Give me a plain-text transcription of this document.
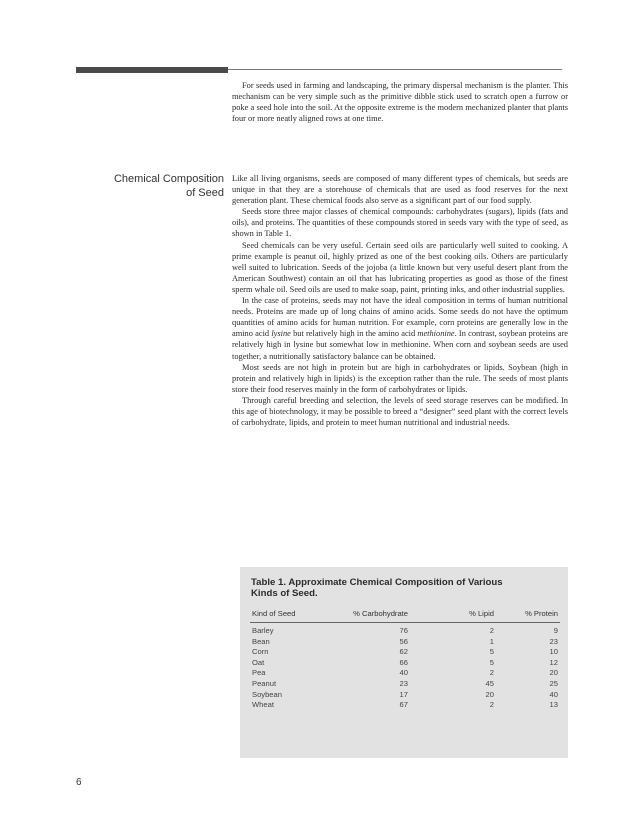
For seeds used in farming and landscaping, the primary dispersal mechanism is the planter. This mechanism can be very simple such as the primitive dibble stick used to scratch open a furrow or poke a seed hole into the soil. At the opposite extreme is the modern mechanized planter that plants four or more neatly aligned rows at one time.

Chemical Composition
of Seed

Like all living organisms, seeds are composed of many different types of chemicals, but seeds are unique in that they are a storehouse of chemicals that are used as food reserves for the next generation plant. These chemical foods also serve as a significant part of our food supply.

Seeds store three major classes of chemical compounds: carbohydrates (sugars), lipids (fats and oils), and proteins. The quantities of these compounds stored in seeds vary with the type of seed, as shown in Table 1.

Seed chemicals can be very useful. Certain seed oils are particularly well suited to cooking. A prime example is peanut oil, highly prized as one of the best cooking oils. Others are particularly well suited to lubrication. Seeds of the jojoba (a little known but very useful desert plant from the American Southwest) contain an oil that has lubricating properties as good as those of the finest sperm whale oil. Seed oils are used to make soap, paint, printing inks, and other industrial supplies.

In the case of proteins, seeds may not have the ideal composition in terms of human nutritional needs. Proteins are made up of long chains of amino acids. Some seeds do not have the optimum quantities of amino acids for human nutrition. For example, corn proteins are generally low in the amino acid lysine but relatively high in the amino acid methionine. In contrast, soybean proteins are relatively high in lysine but somewhat low in methionine. When corn and soybean seeds are used together, a nutritionally satisfactory balance can be obtained.

Most seeds are not high in protein but are high in carbohydrates or lipids. Soybean (high in protein and relatively high in lipids) is the exception rather than the rule. The seeds of most plants store their food reserves mainly in the form of carbohydrates or lipids.

Through careful breeding and selection, the levels of seed storage reserves can be modified. In this age of biotechnology, it may be possible to breed a “designer” seed plant with the correct levels of carbohydrate, lipids, and protein to meet human nutritional and industrial needs.

Table 1. Approximate Chemical Composition of Various
Kinds of Seed.
Kind of Seed	% Carbohydrate	% Lipid	% Protein
Barley	76	2	9
Bean	56	1	23
Corn	62	5	10
Oat	66	5	12
Pea	40	2	20
Peanut	23	45	25
Soybean	17	20	40
Wheat	67	2	13
6
